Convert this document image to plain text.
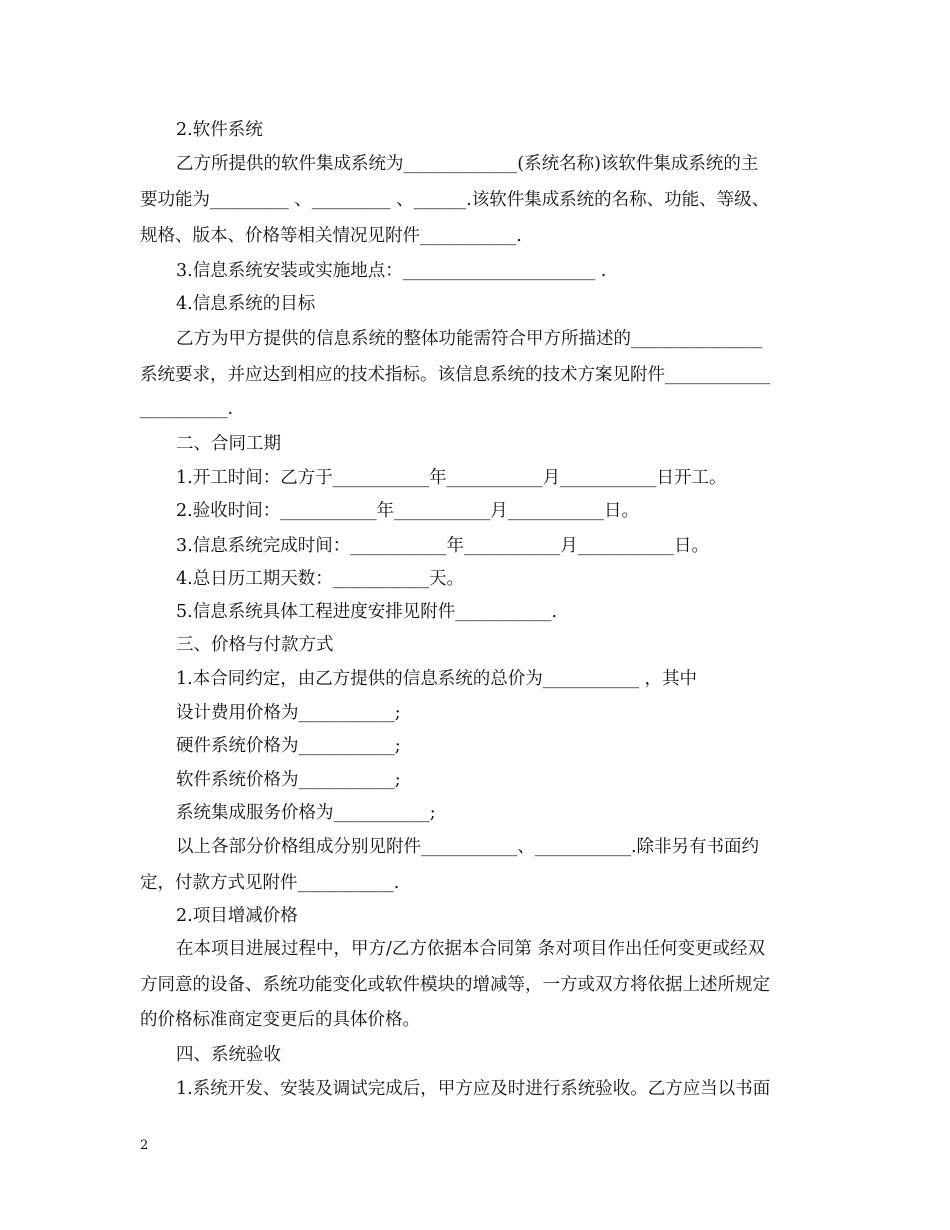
2.软件系统
乙方所提供的软件集成系统为_____________(系统名称)该软件集成系统的主
要功能为_________ 、_________ 、______.该软件集成系统的名称、功能、等级、
规格、版本、价格等相关情况见附件___________.
3.信息系统安装或实施地点：______________________ .
4.信息系统的目标
乙方为甲方提供的信息系统的整体功能需符合甲方所描述的_______________
系统要求，并应达到相应的技术指标。该信息系统的技术方案见附件____________
__________.
二、合同工期
1.开工时间：乙方于___________年___________月___________日开工。
2.验收时间：___________年___________月___________日。
3.信息系统完成时间：___________年___________月___________日。
4.总日历工期天数：___________天。
5.信息系统具体工程进度安排见附件___________.
三、价格与付款方式
1.本合同约定，由乙方提供的信息系统的总价为___________ ，其中
设计费用价格为___________;
硬件系统价格为___________;
软件系统价格为___________;
系统集成服务价格为___________;
以上各部分价格组成分别见附件___________、___________.除非另有书面约
定，付款方式见附件___________.
2.项目增减价格
在本项目进展过程中，甲方/乙方依据本合同第 条对项目作出任何变更或经双
方同意的设备、系统功能变化或软件模块的增减等，一方或双方将依据上述所规定
的价格标准商定变更后的具体价格。
四、系统验收
1.系统开发、安装及调试完成后，甲方应及时进行系统验收。乙方应当以书面
2
